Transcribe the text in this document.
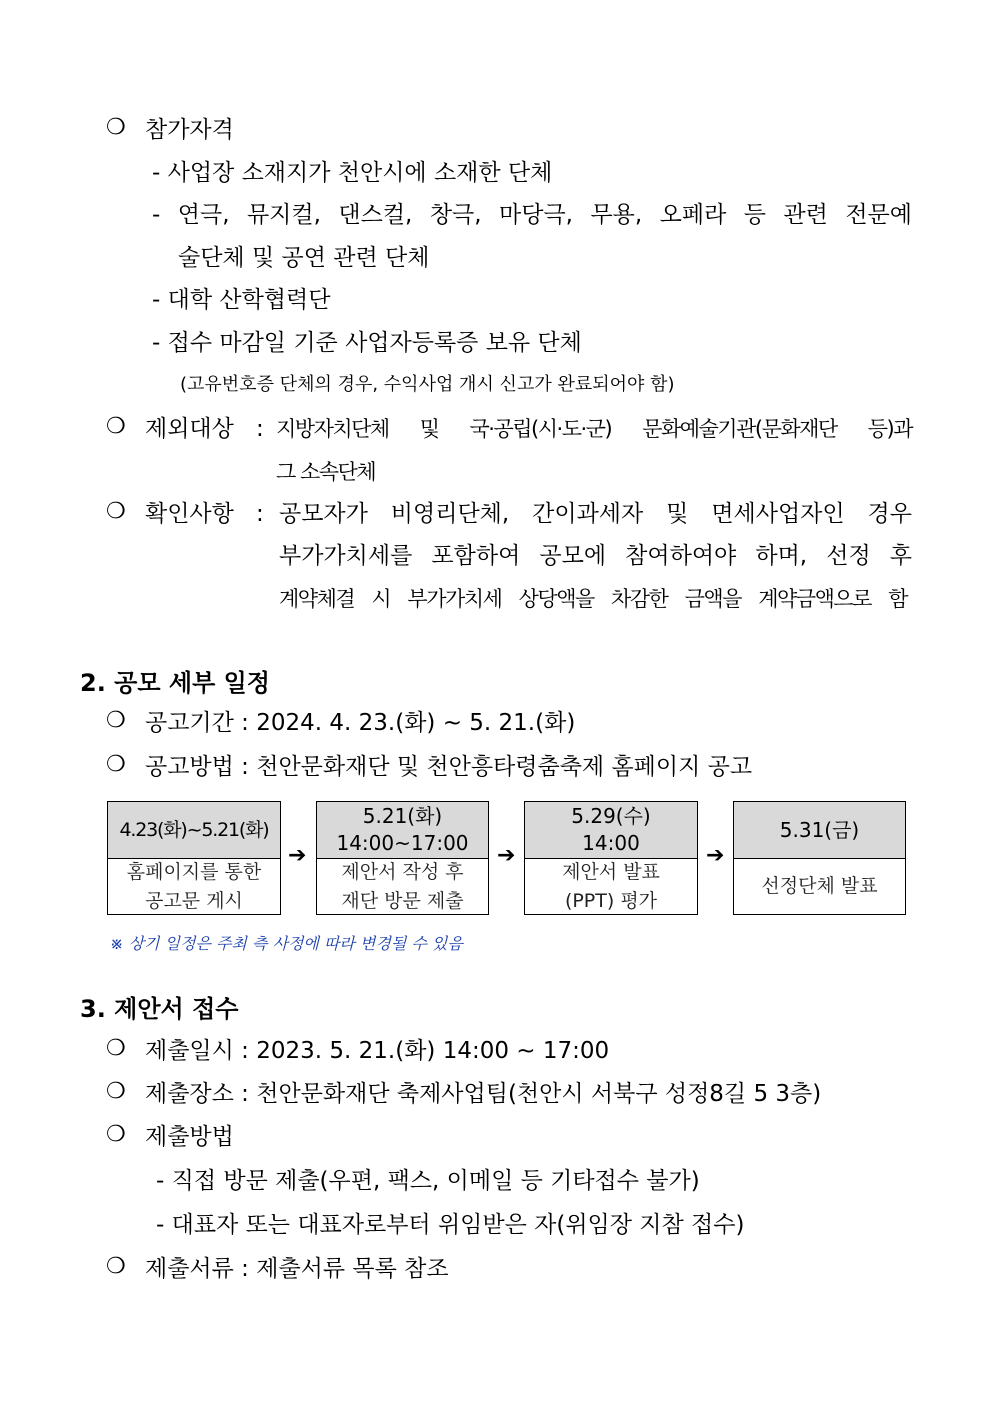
❍ 참가자격
- 사업장 소재지가 천안시에 소재한 단체
- 연극, 뮤지컬, 댄스컬, 창극, 마당극, 무용, 오페라 등 관련 전문예
술단체 및 공연 관련 단체
- 대학 산학협력단
- 접수 마감일 기준 사업자등록증 보유 단체
(고유번호증 단체의 경우, 수익사업 개시 신고가 완료되어야 함)
❍ 제외대상 : 지방자치단체 및 국·공립(시·도·군) 문화예술기관(문화재단 등)과
그 소속단체
❍ 확인사항 : 공모자가 비영리단체, 간이과세자 및 면세사업자인 경우
부가가치세를 포함하여 공모에 참여하여야 하며, 선정 후
계약체결 시 부가가치세 상당액을 차감한 금액을 계약금액으로 함
2. 공모 세부 일정
❍ 공고기간 : 2024. 4. 23.(화) ~ 5. 21.(화)
❍ 공고방법 : 천안문화재단 및 천안흥타령춤축제 홈페이지 공고
4.23(화)~5.21(화)
홈페이지를 통한
공고문 게시
➔
5.21(화)
14:00~17:00
제안서 작성 후
재단 방문 제출
➔
5.29(수)
14:00
제안서 발표
(PPT) 평가
➔
5.31(금)
선정단체 발표
※ 상기 일정은 주최 측 사정에 따라 변경될 수 있음
3. 제안서 접수
❍ 제출일시 : 2023. 5. 21.(화) 14:00 ~ 17:00
❍ 제출장소 : 천안문화재단 축제사업팀(천안시 서북구 성정8길 5 3층)
❍ 제출방법
- 직접 방문 제출(우편, 팩스, 이메일 등 기타접수 불가)
- 대표자 또는 대표자로부터 위임받은 자(위임장 지참 접수)
❍ 제출서류 : 제출서류 목록 참조
